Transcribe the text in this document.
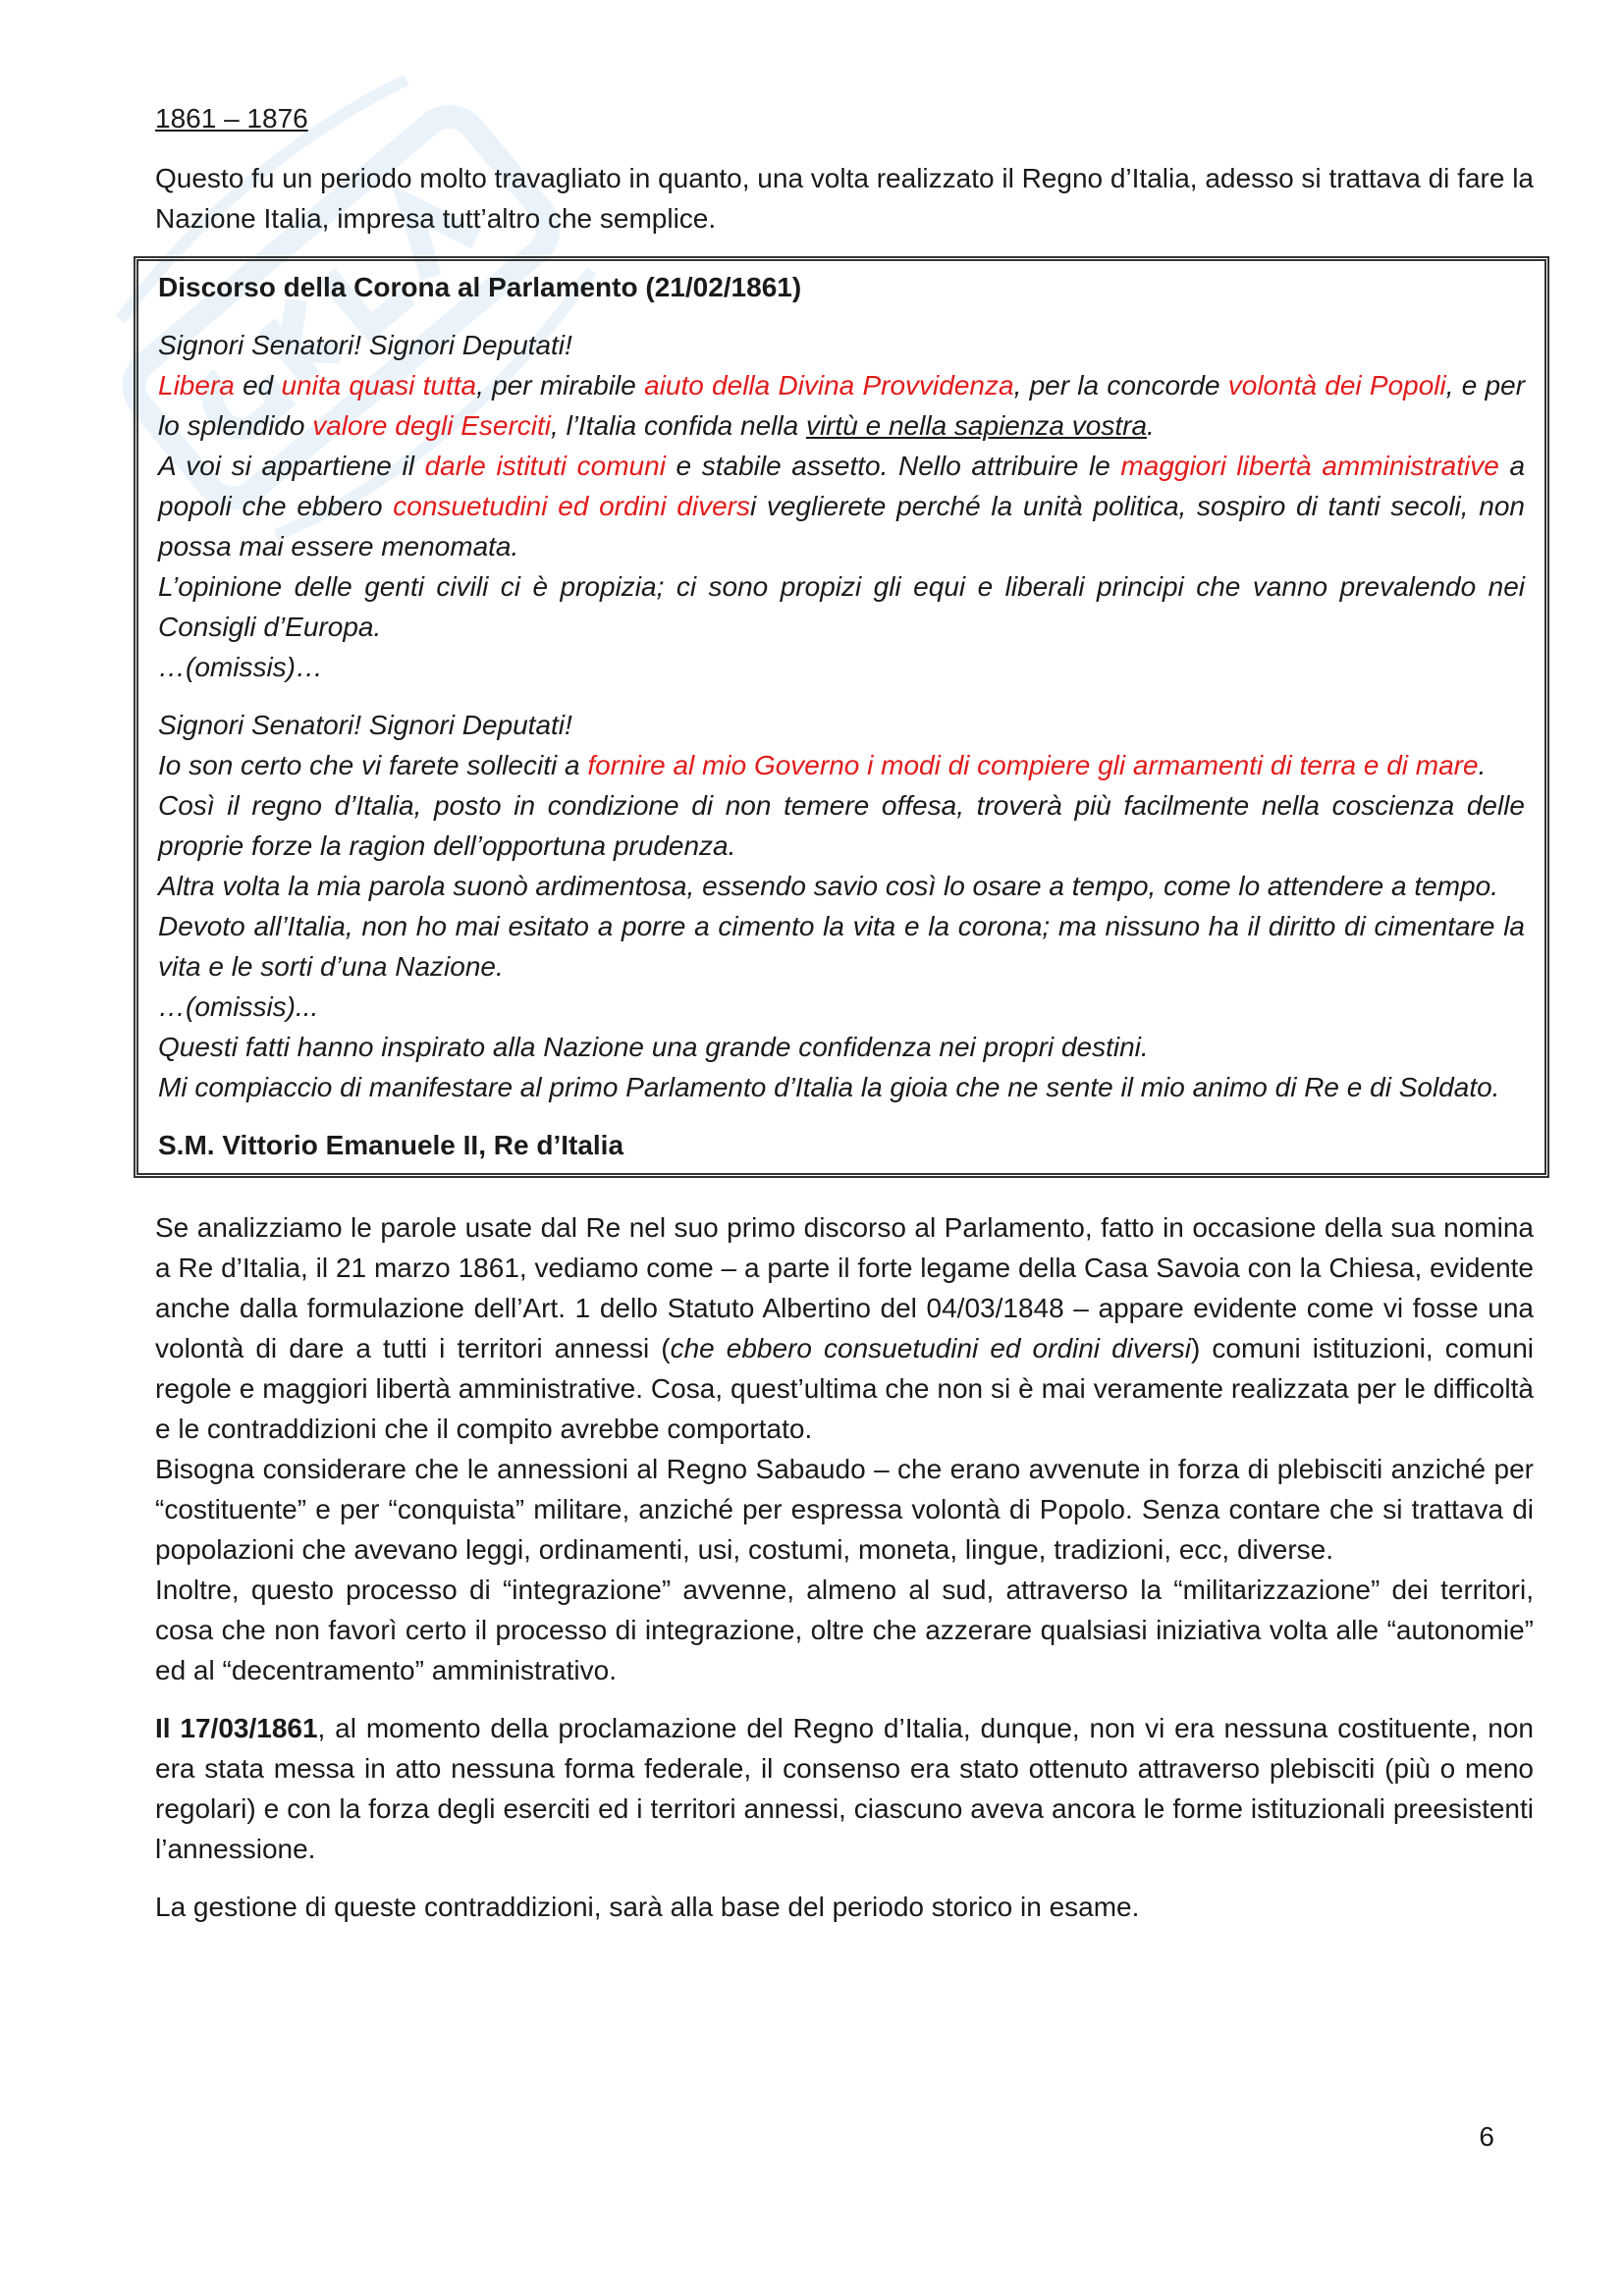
1861 – 1876

Questo fu un periodo molto travagliato in quanto, una volta realizzato il Regno d’Italia, adesso si trattava di fare la Nazione Italia, impresa tutt’altro che semplice.

Discorso della Corona al Parlamento (21/02/1861)
Signori Senatori! Signori Deputati!
Libera ed unita quasi tutta, per mirabile aiuto della Divina Provvidenza, per la concorde volontà dei Popoli, e per lo splendido valore degli Eserciti, l’Italia confida nella virtù e nella sapienza vostra.
A voi si appartiene il darle istituti comuni e stabile assetto. Nello attribuire le maggiori libertà amministrative a popoli che ebbero consuetudini ed ordini diversi veglierete perché la unità politica, sospiro di tanti secoli, non possa mai essere menomata.
L’opinione delle genti civili ci è propizia; ci sono propizi gli equi e liberali principi che vanno prevalendo nei Consigli d’Europa.
…(omissis)…
Signori Senatori! Signori Deputati!
Io son certo che vi farete solleciti a fornire al mio Governo i modi di compiere gli armamenti di terra e di mare.
Così il regno d’Italia, posto in condizione di non temere offesa, troverà più facilmente nella coscienza delle proprie forze la ragion dell’opportuna prudenza.
Altra volta la mia parola suonò ardimentosa, essendo savio così lo osare a tempo, come lo attendere a tempo.
Devoto all’Italia, non ho mai esitato a porre a cimento la vita e la corona; ma nissuno ha il diritto di cimentare la vita e le sorti d’una Nazione.
…(omissis)...
Questi fatti hanno inspirato alla Nazione una grande confidenza nei propri destini.
Mi compiaccio di manifestare al primo Parlamento d’Italia la gioia che ne sente il mio animo di Re e di Soldato.
S.M. Vittorio Emanuele II, Re d’Italia

Se analizziamo le parole usate dal Re nel suo primo discorso al Parlamento, fatto in occasione della sua nomina a Re d’Italia, il 21 marzo 1861, vediamo come – a parte il forte legame della Casa Savoia con la Chiesa, evidente anche dalla formulazione dell’Art. 1 dello Statuto Albertino del 04/03/1848 – appare evidente come vi fosse una volontà di dare a tutti i territori annessi (che ebbero consuetudini ed ordini diversi) comuni istituzioni, comuni regole e maggiori libertà amministrative. Cosa, quest’ultima che non si è mai veramente realizzata per le difficoltà e le contraddizioni che il compito avrebbe comportato.

Bisogna considerare che le annessioni al Regno Sabaudo – che erano avvenute in forza di plebisciti anziché per “costituente” e per “conquista” militare, anziché per espressa volontà di Popolo. Senza contare che si trattava di popolazioni che avevano leggi, ordinamenti, usi, costumi, moneta, lingue, tradizioni, ecc, diverse.

Inoltre, questo processo di “integrazione” avvenne, almeno al sud, attraverso la “militarizzazione” dei territori, cosa che non favorì certo il processo di integrazione, oltre che azzerare qualsiasi iniziativa volta alle “autonomie” ed al “decentramento” amministrativo.

Il 17/03/1861, al momento della proclamazione del Regno d’Italia, dunque, non vi era nessuna costituente, non era stata messa in atto nessuna forma federale, il consenso era stato ottenuto attraverso plebisciti (più o meno regolari) e con la forza degli eserciti ed i territori annessi, ciascuno aveva ancora le forme istituzionali preesistenti l’annessione.

La gestione di queste contraddizioni, sarà alla base del periodo storico in esame.

6
